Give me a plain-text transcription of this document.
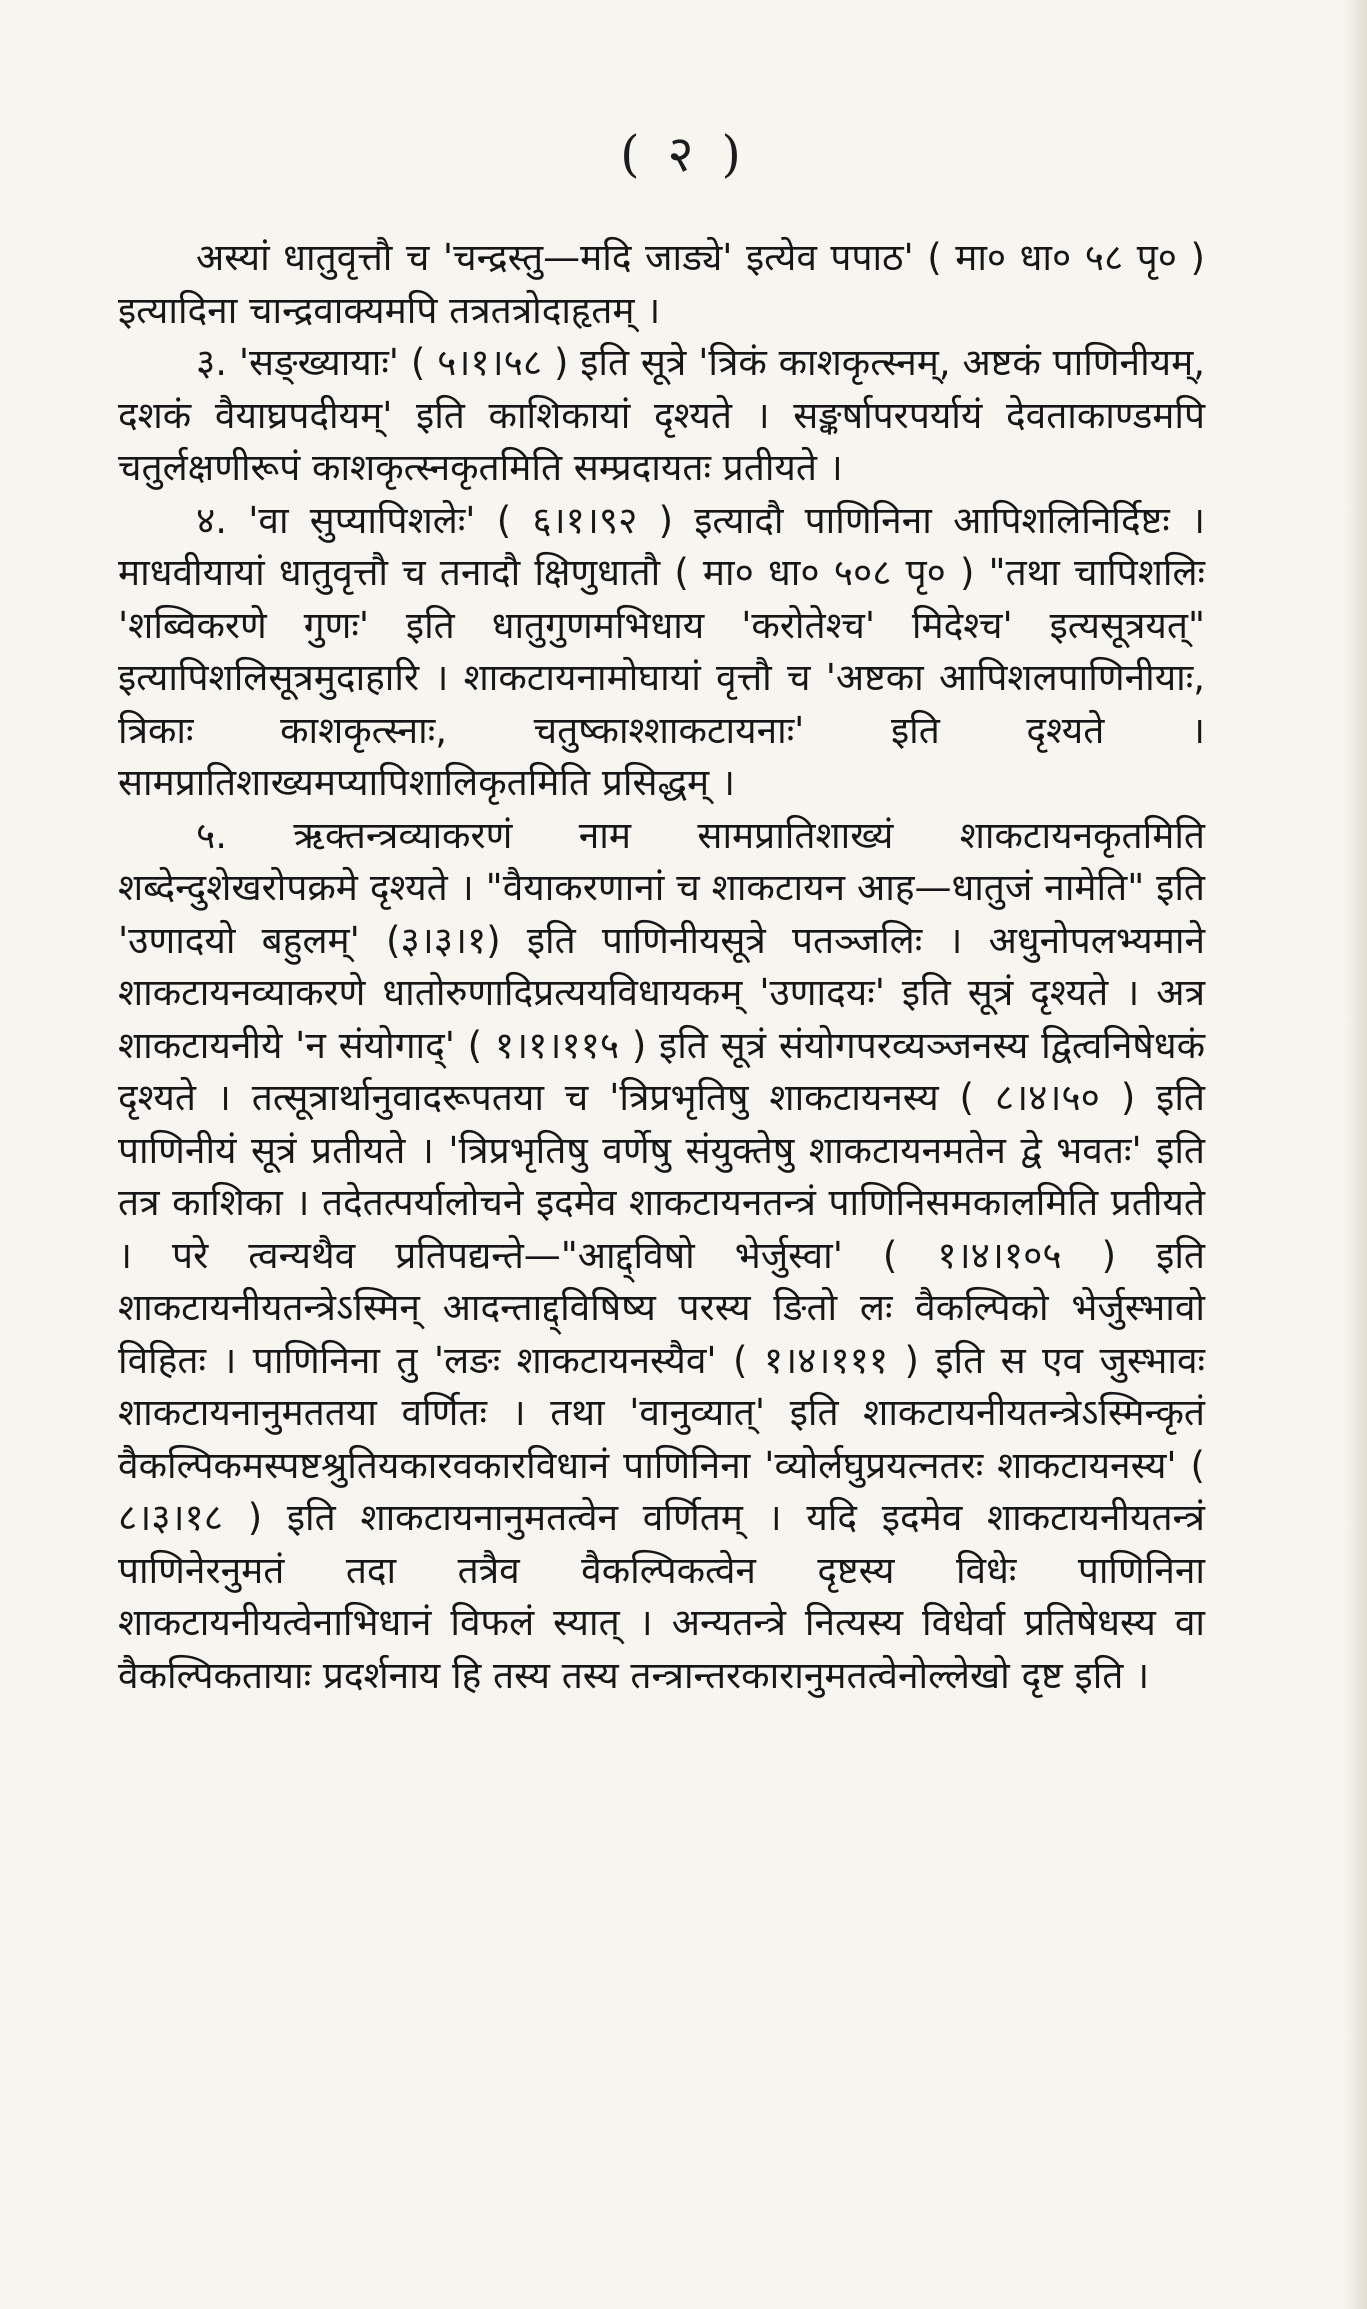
( २ )

अस्यां धातुवृत्तौ च 'चन्द्रस्तु—मदि जाड्ये' इत्येव पपाठ' ( मा० धा० ५८ पृ० ) इत्यादिना चान्द्रवाक्यमपि तत्रतत्रोदाहृतम् ।

३. 'सङ्ख्यायाः' ( ५।१।५८ ) इति सूत्रे 'त्रिकं काशकृत्स्नम्, अष्टकं पाणिनीयम्, दशकं वैयाघ्रपदीयम्' इति काशिकायां दृश्यते । सङ्कर्षापरपर्यायं देवताकाण्डमपि चतुर्लक्षणीरूपं काशकृत्स्नकृतमिति सम्प्रदायतः प्रतीयते ।

४. 'वा सुप्यापिशलेः' ( ६।१।९२ ) इत्यादौ पाणिनिना आपिशलिनिर्दिष्टः । माधवीयायां धातुवृत्तौ च तनादौ क्षिणुधातौ ( मा० धा० ५०८ पृ० ) "तथा चापिशलिः 'शब्विकरणे गुणः' इति धातुगुणमभिधाय 'करोतेश्च' मिदेश्च' इत्यसूत्रयत्" इत्यापिशलिसूत्रमुदाहारि । शाकटायनामोघायां वृत्तौ च 'अष्टका आपिशलपाणिनीयाः, त्रिकाः काशकृत्स्नाः, चतुष्काश्शाकटायनाः' इति दृश्यते । सामप्रातिशाख्यमप्यापिशालिकृतमिति प्रसिद्धम् ।

५. ऋक्तन्त्रव्याकरणं नाम सामप्रातिशाख्यं शाकटायनकृतमिति शब्देन्दुशेखरोपक्रमे दृश्यते । "वैयाकरणानां च शाकटायन आह—धातुजं नामेति" इति 'उणादयो बहुलम्' (३।३।१) इति पाणिनीयसूत्रे पतञ्जलिः । अधुनोपलभ्यमाने शाकटायनव्याकरणे धातोरुणादिप्रत्ययविधायकम् 'उणादयः' इति सूत्रं दृश्यते । अत्र शाकटायनीये 'न संयोगाद्' ( १।१।११५ ) इति सूत्रं संयोगपरव्यञ्जनस्य द्वित्वनिषेधकं दृश्यते । तत्सूत्रार्थानुवादरूपतया च 'त्रिप्रभृतिषु शाकटायनस्य ( ८।४।५० ) इति पाणिनीयं सूत्रं प्रतीयते । 'त्रिप्रभृतिषु वर्णेषु संयुक्तेषु शाकटायनमतेन द्वे भवतः' इति तत्र काशिका । तदेतत्पर्यालोचने इदमेव शाकटायनतन्त्रं पाणिनिसमकालमिति प्रतीयते । परे त्वन्यथैव प्रतिपद्यन्ते—"आद्द्विषो भेर्जुस्वा' ( १।४।१०५ ) इति शाकटायनीयतन्त्रेऽस्मिन् आदन्ताद्द्विषिष्य परस्य ङितो लः वैकल्पिको भेर्जुस्भावो विहितः । पाणिनिना तु 'लङः शाकटायनस्यैव' ( १।४।१११ ) इति स एव जुस्भावः शाकटायनानुमततया वर्णितः । तथा 'वानुव्यात्' इति शाकटायनीयतन्त्रेऽस्मिन्कृतं वैकल्पिकमस्पष्टश्रुतियकारवकारविधानं पाणिनिना 'व्योर्लघुप्रयत्नतरः शाकटायनस्य' ( ८।३।१८ ) इति शाकटायनानुमतत्वेन वर्णितम् । यदि इदमेव शाकटायनीयतन्त्रं पाणिनेरनुमतं तदा तत्रैव वैकल्पिकत्वेन दृष्टस्य विधेः पाणिनिना शाकटायनीयत्वेनाभिधानं विफलं स्यात् । अन्यतन्त्रे नित्यस्य विधेर्वा प्रतिषेधस्य वा वैकल्पिकतायाः प्रदर्शनाय हि तस्य तस्य तन्त्रान्तरकारानुमतत्वेनोल्लेखो दृष्ट इति ।
